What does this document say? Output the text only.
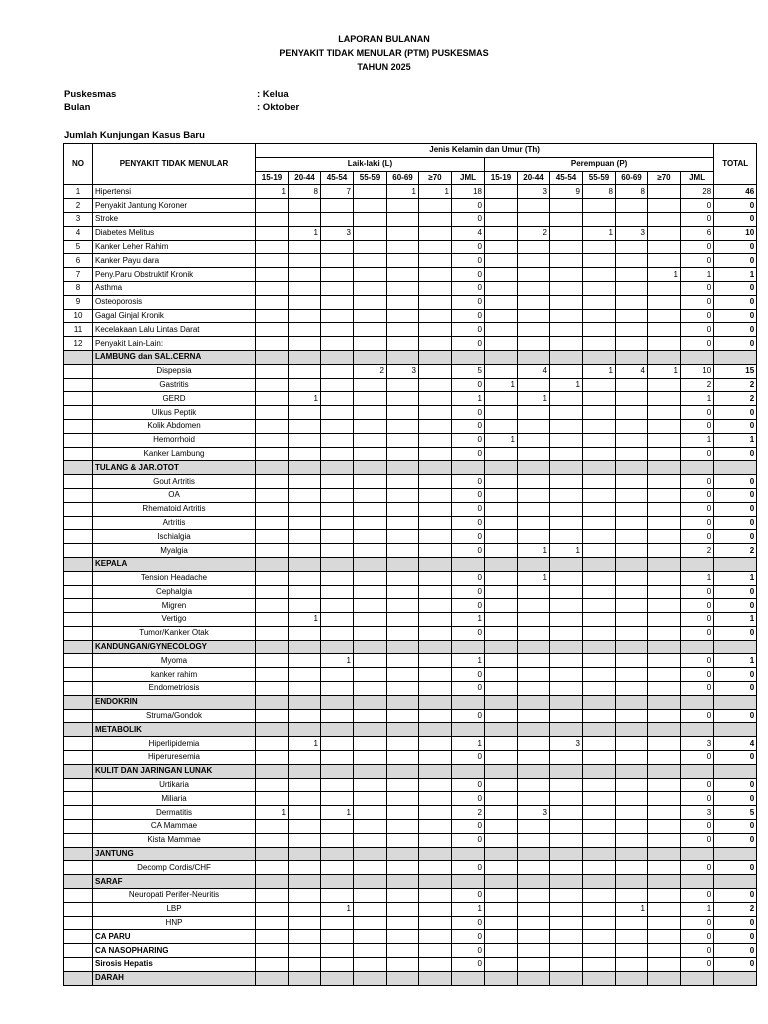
LAPORAN BULANAN
PENYAKIT TIDAK MENULAR (PTM) PUSKESMAS
TAHUN 2025
Puskesmas	: Kelua
Bulan	: Oktober
Jumlah Kunjungan Kasus Baru
NO	PENYAKIT TIDAK MENULAR	Jenis Kelamin dan Umur (Th)														TOTAL
		Laik-laki (L)							Perempuan (P)							
		15-19	20-44	45-54	55-59	60-69	≥70	JML	15-19	20-44	45-54	55-59	60-69	≥70	JML	
1	Hipertensi	1	8	7		1	1	18		3	9	8	8		28	46
2	Penyakit Jantung Koroner							0							0	0
3	Stroke							0							0	0
4	Diabetes Melitus		1	3				4		2		1	3		6	10
5	Kanker Leher Rahim							0							0	0
6	Kanker Payu dara							0							0	0
7	Peny.Paru Obstruktif Kronik							0						1	1	1
8	Asthma							0							0	0
9	Osteoporosis							0							0	0
10	Gagal Ginjal Kronik							0							0	0
11	Kecelakaan Lalu Lintas Darat							0							0	0
12	Penyakit Lain-Lain:							0							0	0
	LAMBUNG dan SAL.CERNA															
	Dispepsia				2	3		5		4		1	4	1	10	15
	Gastritis							0	1		1				2	2
	GERD		1					1		1					1	2
	Ulkus Peptik							0							0	0
	Kolik Abdomen							0							0	0
	Hemorrhoid							0	1						1	1
	Kanker Lambung							0							0	0
	TULANG & JAR.OTOT															
	Gout Artritis							0							0	0
	OA							0							0	0
	Rhematoid Artritis							0							0	0
	Artritis							0							0	0
	Ischialgia							0							0	0
	Myalgia							0		1	1				2	2
	KEPALA															
	Tension Headache							0		1					1	1
	Cephalgia							0							0	0
	Migren							0							0	0
	Vertigo		1					1							0	1
	Tumor/Kanker Otak							0							0	0
	KANDUNGAN/GYNECOLOGY															
	Myoma			1				1							0	1
	kanker rahim							0							0	0
	Endometriosis							0							0	0
	ENDOKRIN															
	Struma/Gondok							0							0	0
	METABOLIK															
	Hiperlipidemia		1					1			3				3	4
	Hiperuresemia							0							0	0
	KULIT DAN JARINGAN LUNAK															
	Urtikaria							0							0	0
	Miliaria							0							0	0
	Dermatitis	1		1				2		3					3	5
	CA Mammae							0							0	0
	Kista Mammae							0							0	0
	JANTUNG															
	Decomp Cordis/CHF							0							0	0
	SARAF															
	Neuropati Perifer-Neuritis							0							0	0
	LBP			1				1					1		1	2
	HNP							0							0	0
	CA PARU							0							0	0
	CA NASOPHARING							0							0	0
	Sirosis Hepatis							0							0	0
	DARAH															
